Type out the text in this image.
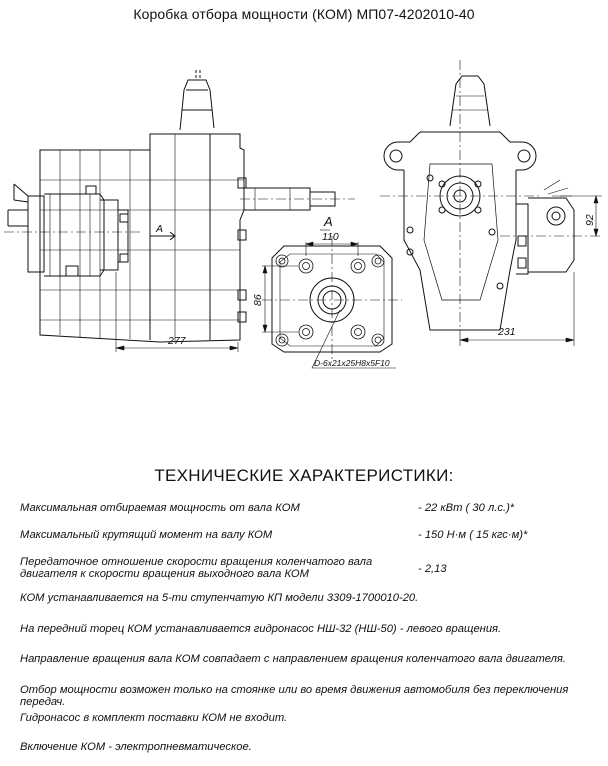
Коробка отбора мощности (КОМ) МП07-4202010-40
A
277
A
110
86
D-6x21x25H8x5F10
92
231
ТЕХНИЧЕСКИЕ ХАРАКТЕРИСТИКИ:
Максимальная отбираемая мощность от вала КОМ	- 22 кВт ( 30 л.с.)*
Максимальный крутящий момент на валу КОМ	- 150 Н·м ( 15 кгс·м)*
Передаточное отношение скорости вращения коленчатого вала
двигателя к скорости вращения выходного вала КОМ	- 2,13
КОМ устанавливается на 5-ти ступенчатую КП модели 3309-1700010-20.
На передний торец КОМ устанавливается гидронасос НШ-32 (НШ-50) - левого вращения.
Направление вращения вала КОМ совпадает с направлением вращения коленчатого вала двигателя.
Отбор мощности возможен только на стоянке или во время движения автомобиля без переключения передач.
Гидронасос в комплект поставки КОМ не входит.
Включение КОМ - электропневматическое.
